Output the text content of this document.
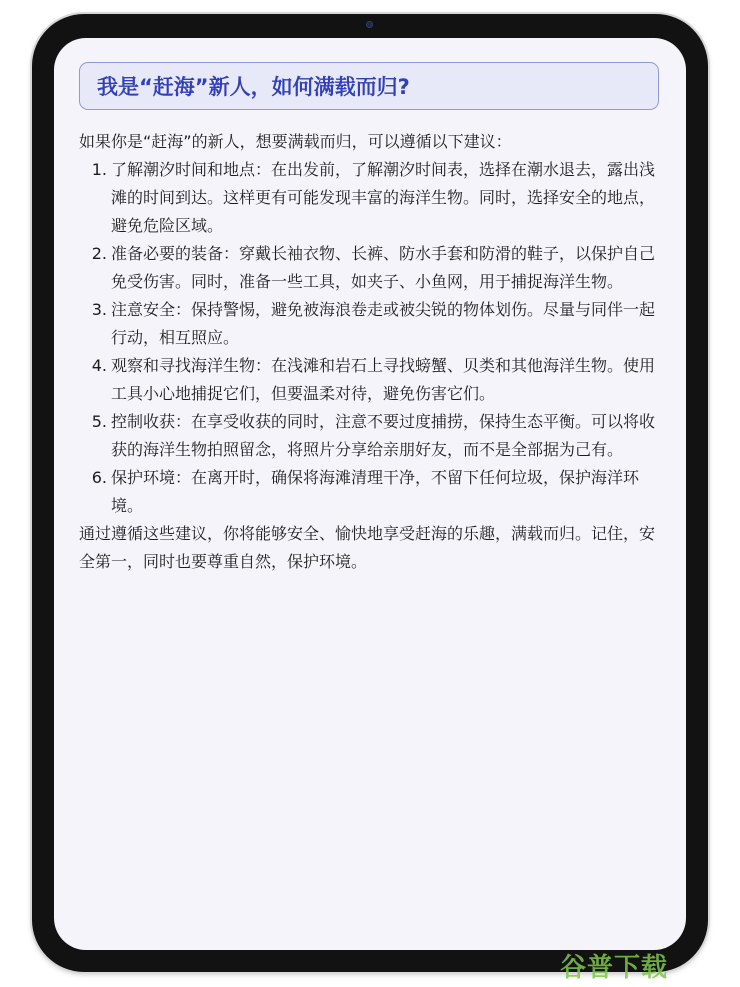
我是“赶海”新人，如何满载而归?

如果你是“赶海”的新人，想要满载而归，可以遵循以下建议：

1. 了解潮汐时间和地点：在出发前，了解潮汐时间表，选择在潮水退去，露出浅滩的时间到达。这样更有可能发现丰富的海洋生物。同时，选择安全的地点，避免危险区域。
2. 准备必要的装备：穿戴长袖衣物、长裤、防水手套和防滑的鞋子，以保护自己免受伤害。同时，准备一些工具，如夹子、小鱼网，用于捕捉海洋生物。
3. 注意安全：保持警惕，避免被海浪卷走或被尖锐的物体划伤。尽量与同伴一起行动，相互照应。
4. 观察和寻找海洋生物：在浅滩和岩石上寻找螃蟹、贝类和其他海洋生物。使用工具小心地捕捉它们，但要温柔对待，避免伤害它们。
5. 控制收获：在享受收获的同时，注意不要过度捕捞，保持生态平衡。可以将收获的海洋生物拍照留念，将照片分享给亲朋好友，而不是全部据为己有。
6. 保护环境：在离开时，确保将海滩清理干净，不留下任何垃圾，保护海洋环境。

通过遵循这些建议，你将能够安全、愉快地享受赶海的乐趣，满载而归。记住，安全第一，同时也要尊重自然，保护环境。

谷普下载
